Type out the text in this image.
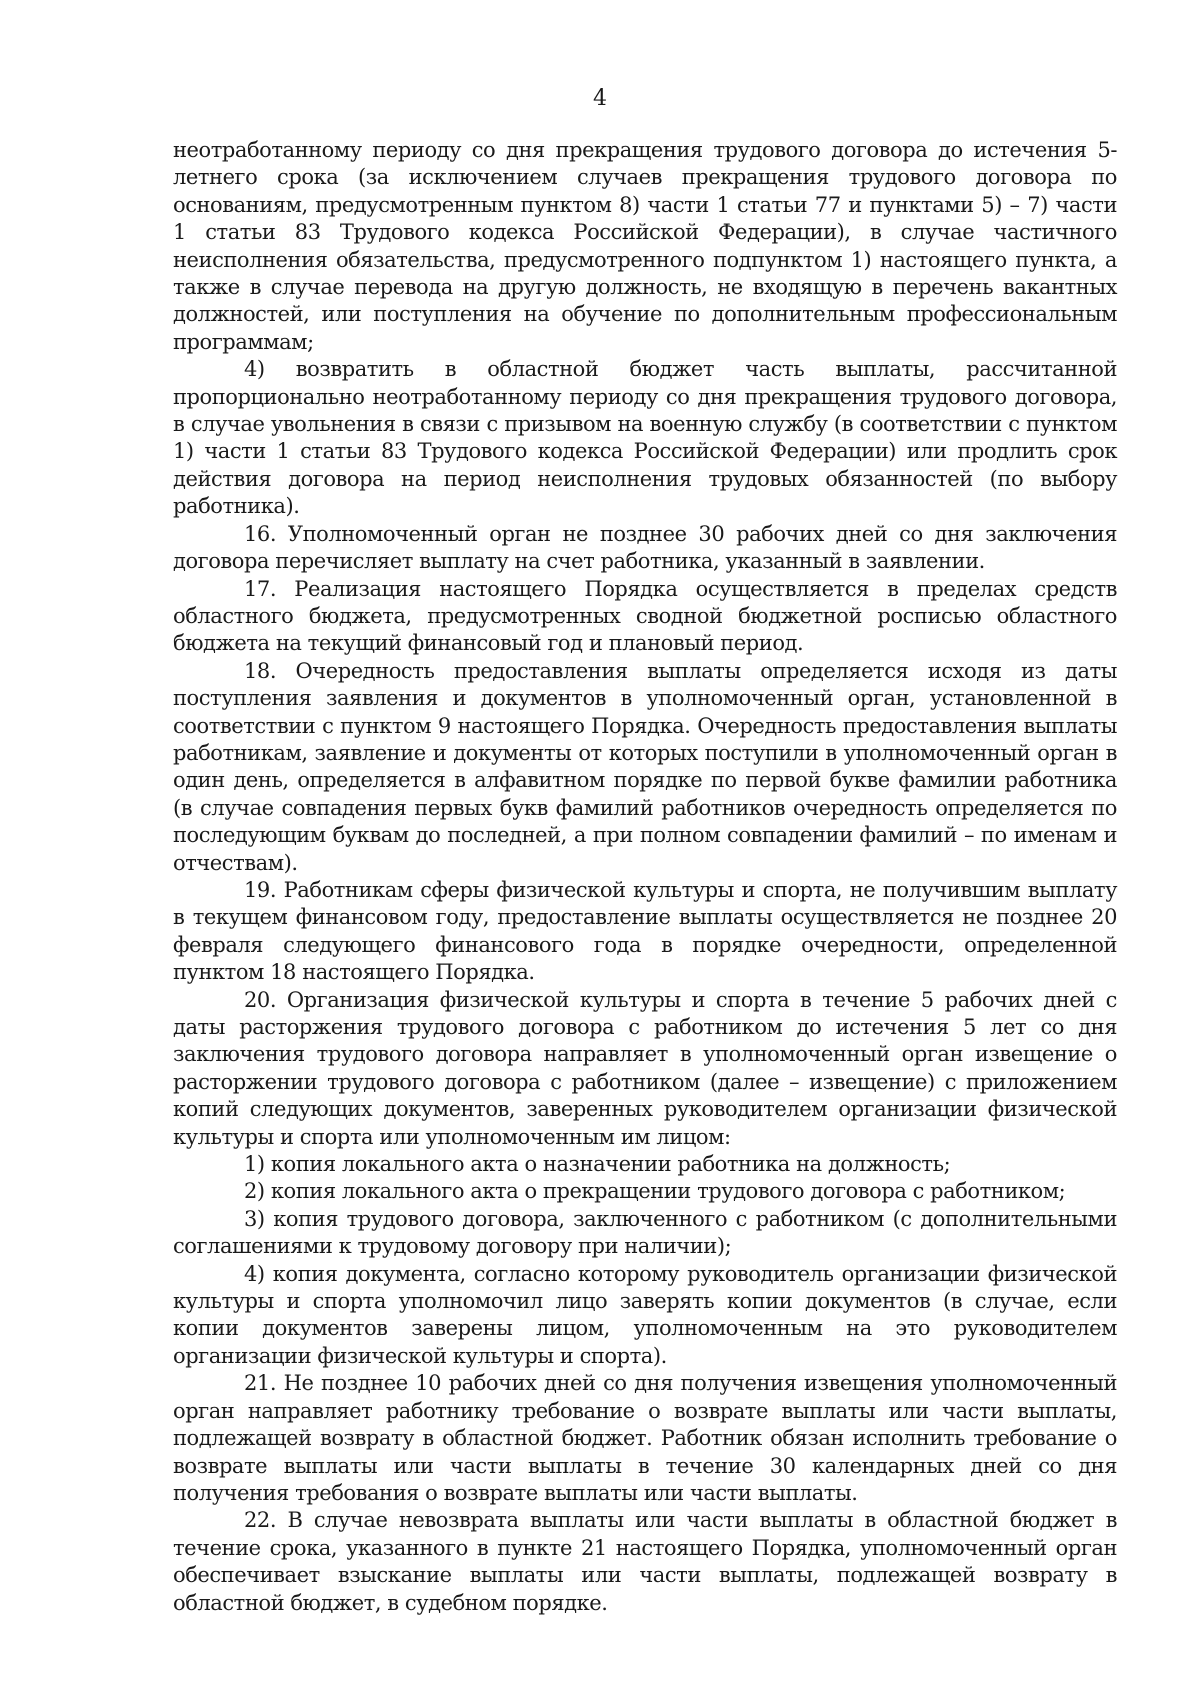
4

неотработанному периоду со дня прекращения трудового договора до истечения 5-летнего срока (за исключением случаев прекращения трудового договора по основаниям, предусмотренным пунктом 8) части 1 статьи 77 и пунктами 5) – 7) части 1 статьи 83 Трудового кодекса Российской Федерации), в случае частичного неисполнения обязательства, предусмотренного подпунктом 1) настоящего пункта, а также в случае перевода на другую должность, не входящую в перечень вакантных должностей, или поступления на обучение по дополнительным профессиональным программам;

4) возвратить в областной бюджет часть выплаты, рассчитанной пропорционально неотработанному периоду со дня прекращения трудового договора, в случае увольнения в связи с призывом на военную службу (в соответствии с пунктом 1) части 1 статьи 83 Трудового кодекса Российской Федерации) или продлить срок действия договора на период неисполнения трудовых обязанностей (по выбору работника).

16. Уполномоченный орган не позднее 30 рабочих дней со дня заключения договора перечисляет выплату на счет работника, указанный в заявлении.

17. Реализация настоящего Порядка осуществляется в пределах средств областного бюджета, предусмотренных сводной бюджетной росписью областного бюджета на текущий финансовый год и плановый период.

18. Очередность предоставления выплаты определяется исходя из даты поступления заявления и документов в уполномоченный орган, установленной в соответствии с пунктом 9 настоящего Порядка. Очередность предоставления выплаты работникам, заявление и документы от которых поступили в уполномоченный орган в один день, определяется в алфавитном порядке по первой букве фамилии работника (в случае совпадения первых букв фамилий работников очередность определяется по последующим буквам до последней, а при полном совпадении фамилий – по именам и отчествам).

19. Работникам сферы физической культуры и спорта, не получившим выплату в текущем финансовом году, предоставление выплаты осуществляется не позднее 20 февраля следующего финансового года в порядке очередности, определенной пунктом 18 настоящего Порядка.

20. Организация физической культуры и спорта в течение 5 рабочих дней с даты расторжения трудового договора с работником до истечения 5 лет со дня заключения трудового договора направляет в уполномоченный орган извещение о расторжении трудового договора с работником (далее – извещение) с приложением копий следующих документов, заверенных руководителем организации физической культуры и спорта или уполномоченным им лицом:

1) копия локального акта о назначении работника на должность;

2) копия локального акта о прекращении трудового договора с работником;

3) копия трудового договора, заключенного с работником (с дополнительными соглашениями к трудовому договору при наличии);

4) копия документа, согласно которому руководитель организации физической культуры и спорта уполномочил лицо заверять копии документов (в случае, если копии документов заверены лицом, уполномоченным на это руководителем организации физической культуры и спорта).

21. Не позднее 10 рабочих дней со дня получения извещения уполномоченный орган направляет работнику требование о возврате выплаты или части выплаты, подлежащей возврату в областной бюджет. Работник обязан исполнить требование о возврате выплаты или части выплаты в течение 30 календарных дней со дня получения требования о возврате выплаты или части выплаты.

22. В случае невозврата выплаты или части выплаты в областной бюджет в течение срока, указанного в пункте 21 настоящего Порядка, уполномоченный орган обеспечивает взыскание выплаты или части выплаты, подлежащей возврату в областной бюджет, в судебном порядке.
